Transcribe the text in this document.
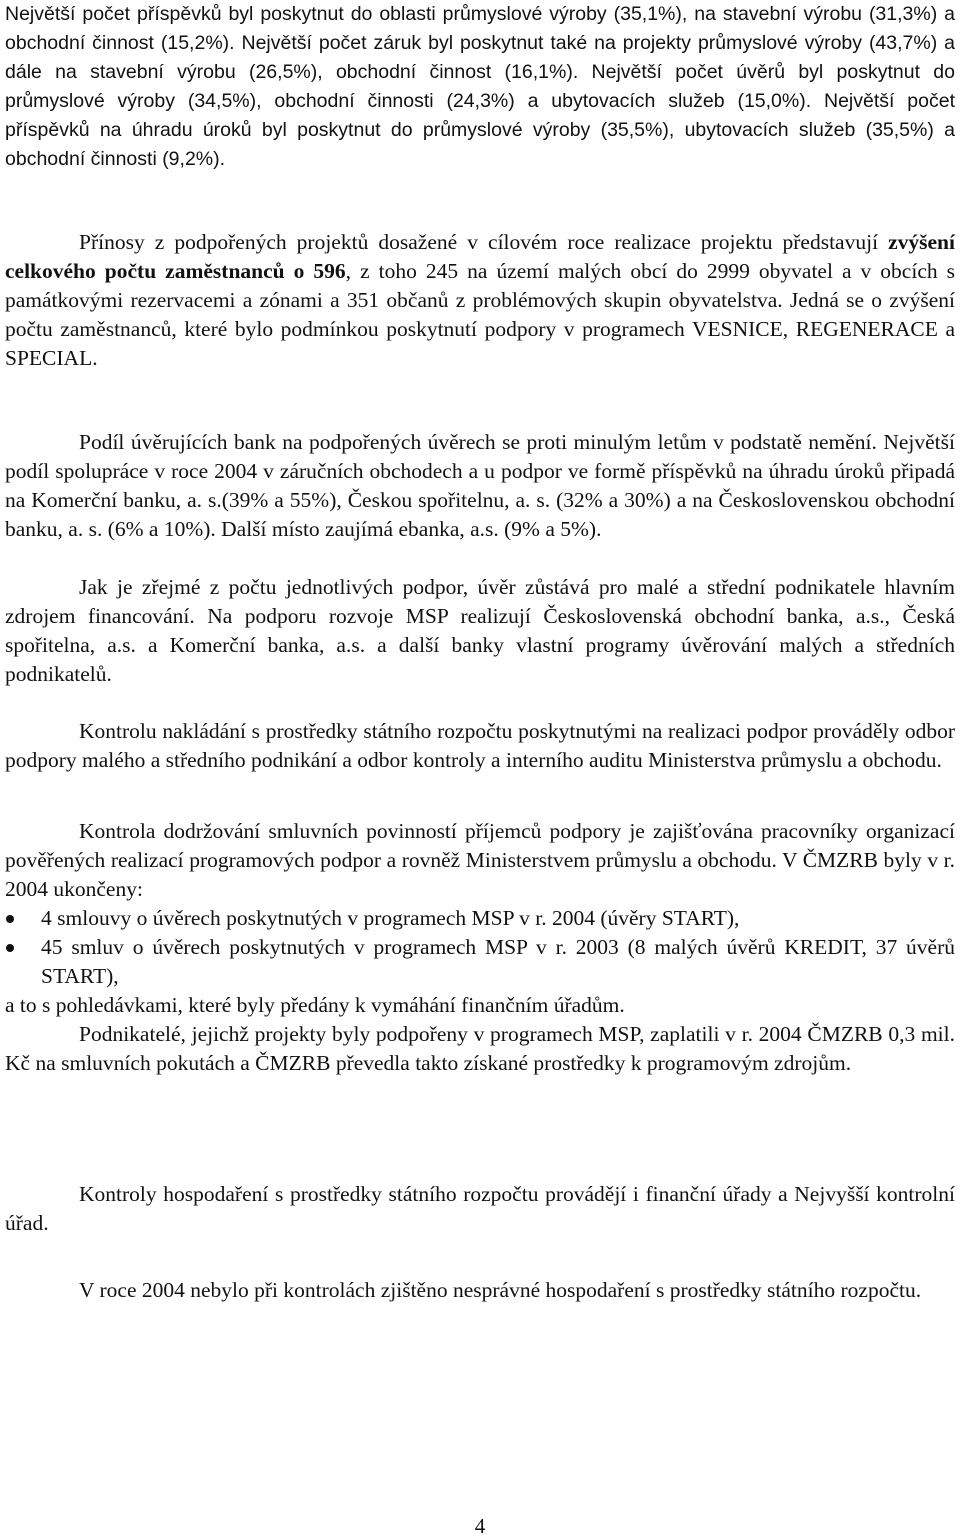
Největší počet příspěvků byl poskytnut do oblasti průmyslové výroby (35,1%), na stavební výrobu (31,3%) a obchodní činnost (15,2%). Největší počet záruk byl poskytnut také na projekty průmyslové výroby (43,7%) a dále na stavební výrobu (26,5%), obchodní činnost (16,1%). Největší počet úvěrů byl poskytnut do průmyslové výroby (34,5%), obchodní činnosti (24,3%) a ubytovacích služeb (15,0%). Největší počet příspěvků na úhradu úroků byl poskytnut do průmyslové výroby (35,5%), ubytovacích služeb (35,5%) a obchodní činnosti (9,2%).

Přínosy z podpořených projektů dosažené v cílovém roce realizace projektu představují zvýšení celkového počtu zaměstnanců o 596, z toho 245 na území malých obcí do 2999 obyvatel a v obcích s památkovými rezervacemi a zónami a 351 občanů z problémových skupin obyvatelstva. Jedná se o zvýšení počtu zaměstnanců, které bylo podmínkou poskytnutí podpory v programech VESNICE, REGENERACE a SPECIAL.

Podíl úvěrujících bank na podpořených úvěrech se proti minulým letům v podstatě nemění. Největší podíl spolupráce v roce 2004 v záručních obchodech a u podpor ve formě příspěvků na úhradu úroků připadá na Komerční banku, a. s.(39% a 55%), Českou spořitelnu, a. s. (32% a 30%) a na Československou obchodní banku, a. s. (6% a 10%). Další místo zaujímá ebanka, a.s. (9% a 5%).

Jak je zřejmé z počtu jednotlivých podpor, úvěr zůstává pro malé a střední podnikatele hlavním zdrojem financování. Na podporu rozvoje MSP realizují Československá obchodní banka, a.s., Česká spořitelna, a.s. a Komerční banka, a.s. a další banky vlastní programy úvěrování malých a středních podnikatelů.

Kontrolu nakládání s prostředky státního rozpočtu poskytnutými na realizaci podpor prováděly odbor podpory malého a středního podnikání a odbor kontroly a interního auditu Ministerstva průmyslu a obchodu.

Kontrola dodržování smluvních povinností příjemců podpory je zajišťována pracovníky organizací pověřených realizací programových podpor a rovněž Ministerstvem průmyslu a obchodu. V ČMZRB byly v r. 2004 ukončeny:

4 smlouvy o úvěrech poskytnutých v programech MSP v r. 2004 (úvěry START),
45 smluv o úvěrech poskytnutých v programech MSP v r. 2003 (8 malých úvěrů KREDIT, 37 úvěrů START),

a to s pohledávkami, které byly předány k vymáhání finančním úřadům.

Podnikatelé, jejichž projekty byly podpořeny v programech MSP, zaplatili v r. 2004 ČMZRB 0,3 mil. Kč na smluvních pokutách a ČMZRB převedla takto získané prostředky k programovým zdrojům.

Kontroly hospodaření s prostředky státního rozpočtu provádějí i finanční úřady a Nejvyšší kontrolní úřad.

V roce 2004 nebylo při kontrolách zjištěno nesprávné hospodaření s prostředky státního rozpočtu.

4
